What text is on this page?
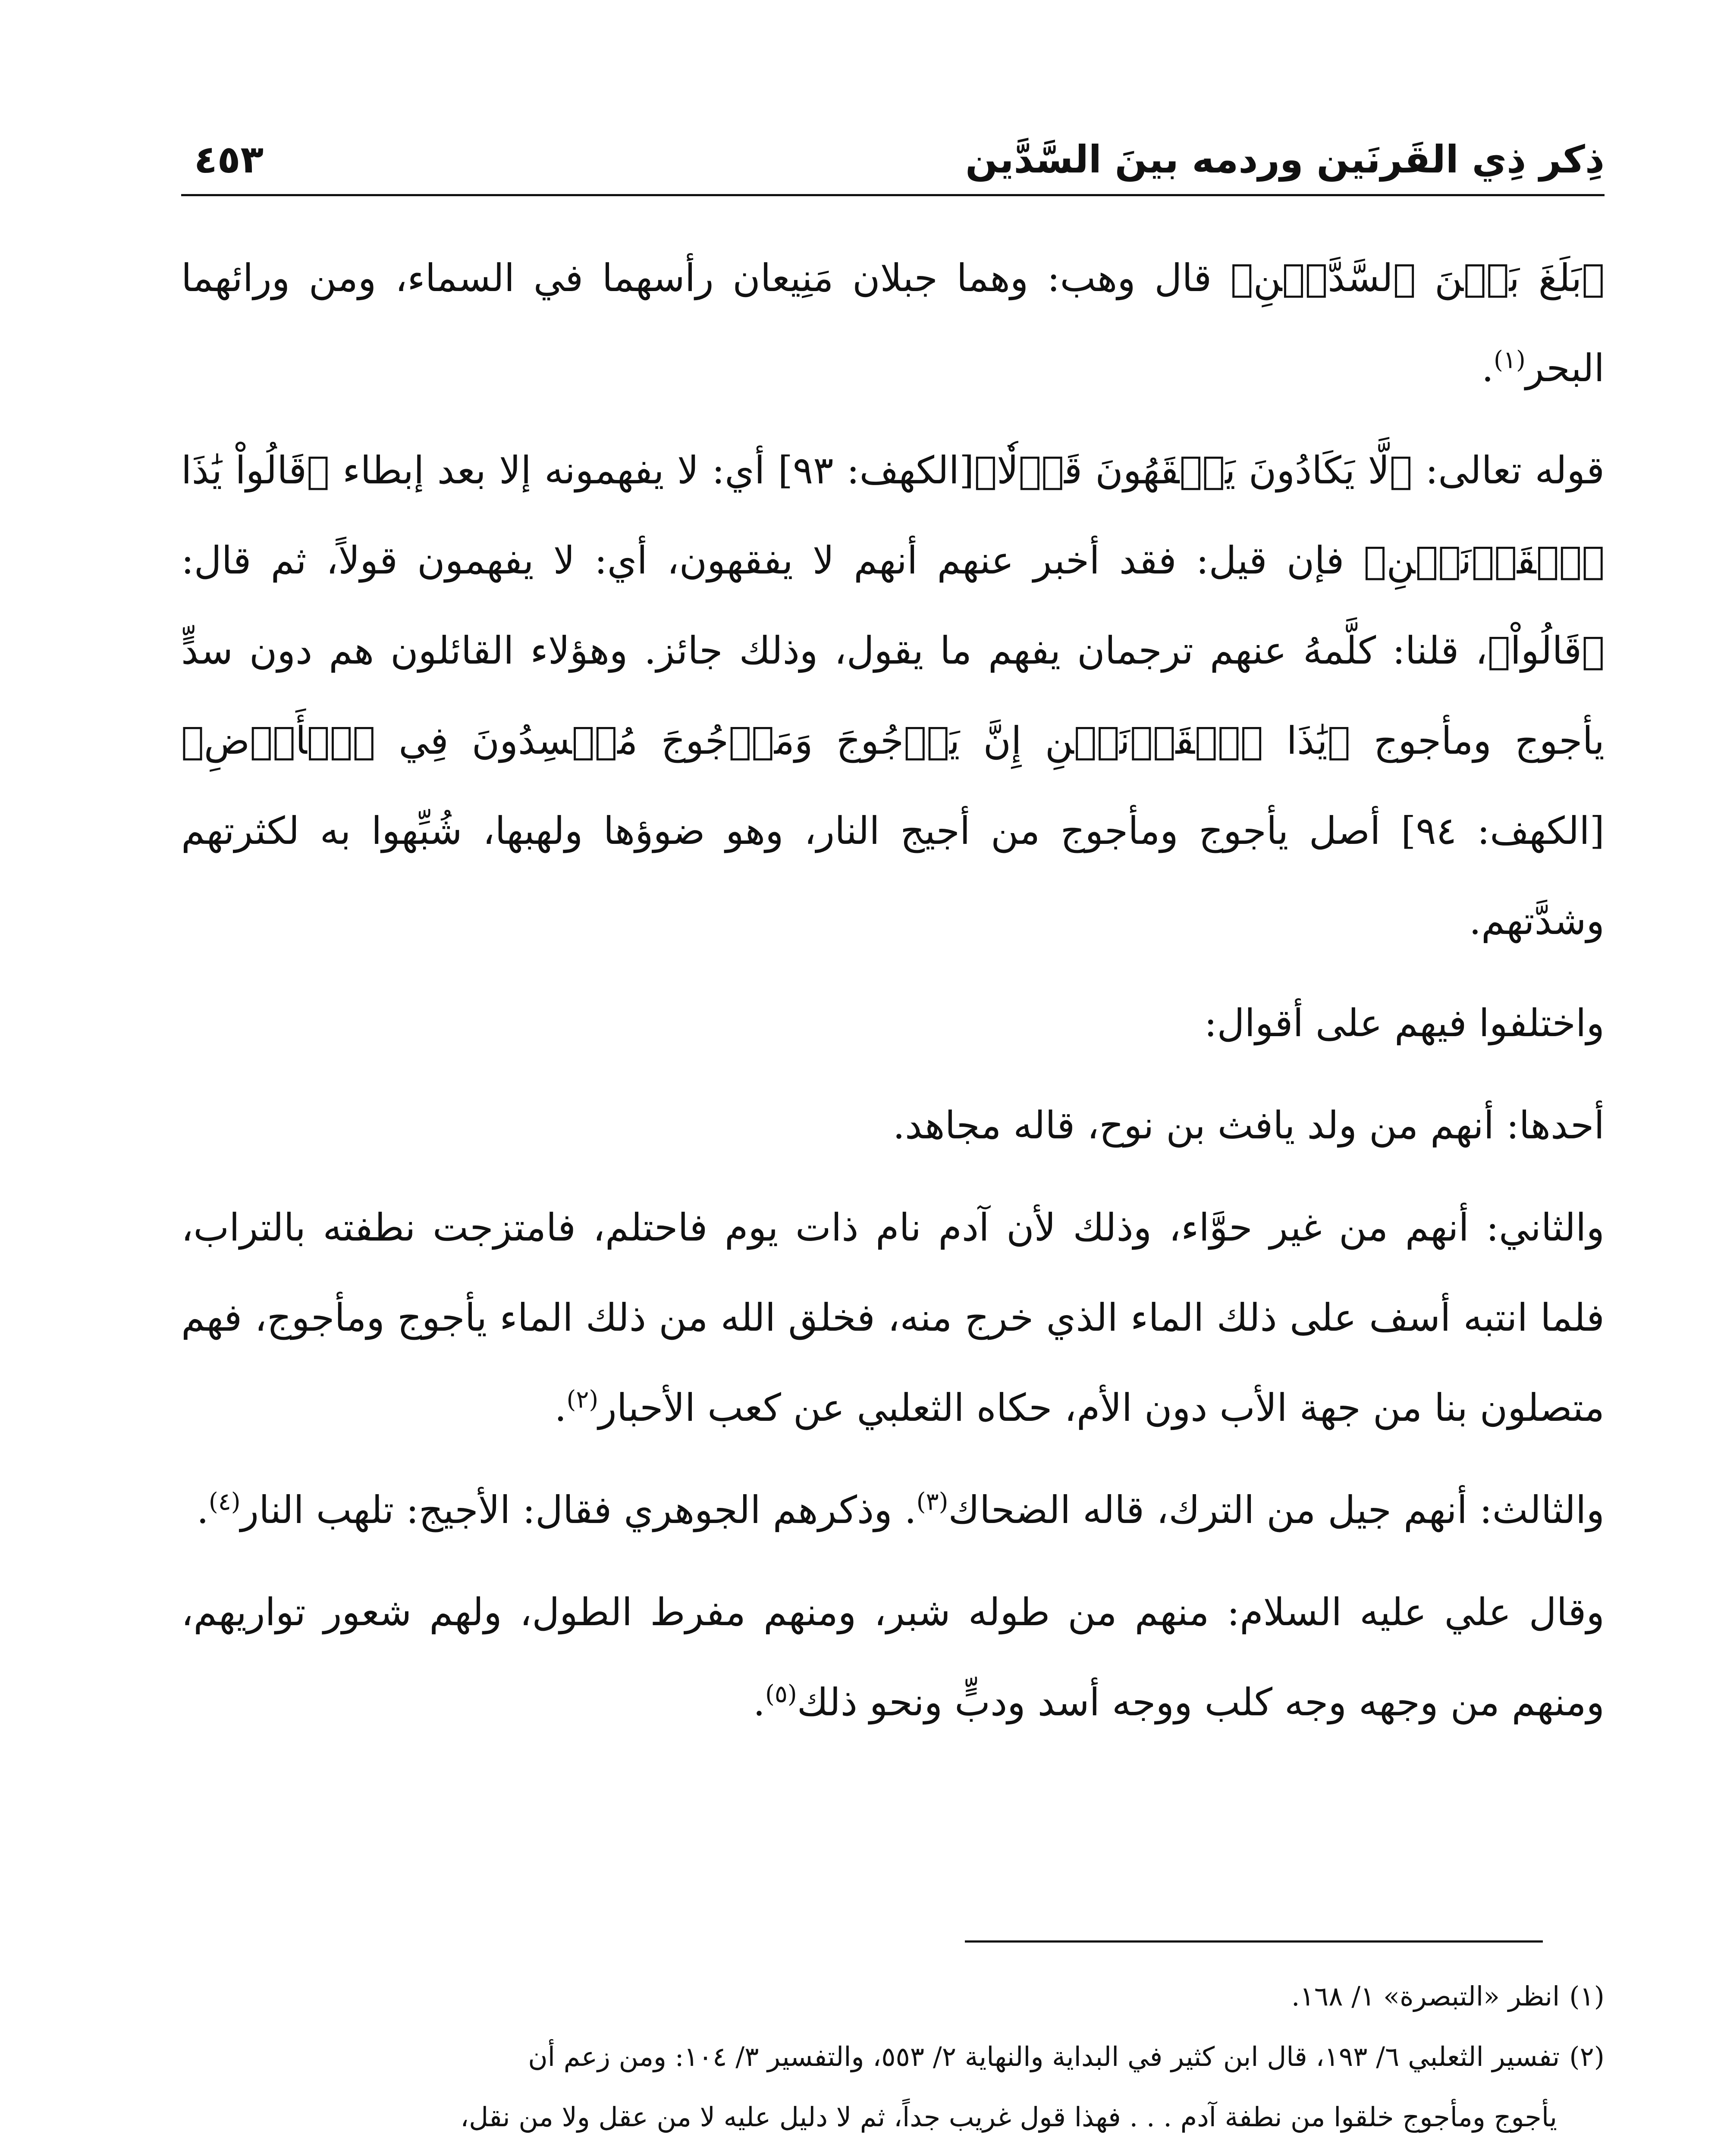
ذِكر ذِي القَرنَين وردمه بينَ السَّدَّين
٤٥٣

﴿بَلَغَ بَيۡنَ ٱلسَّدَّيۡنِ﴾ قال وهب: وهما جبلان مَنِيعان رأسهما في السماء، ومن ورائهما البحر$^{(١)}$.

قوله تعالى: ﴿لَّا يَكَادُونَ يَفۡقَهُونَ قَوۡلٗا﴾[الكهف: ٩٣] أي: لا يفهمونه إلا بعد إبطاء ﴿قَالُواْ يَٰذَا ٱلۡقَرۡنَيۡنِ﴾ فإن قيل: فقد أخبر عنهم أنهم لا يفقهون، أي: لا يفهمون قولاً، ثم قال: ﴿قَالُواْ﴾، قلنا: كلَّمهُ عنهم ترجمان يفهم ما يقول، وذلك جائز. وهؤلاء القائلون هم دون سدٍّ يأجوج ومأجوج ﴿يَٰذَا ٱلۡقَرۡنَيۡنِ إِنَّ يَأۡجُوجَ وَمَأۡجُوجَ مُفۡسِدُونَ فِي ٱلۡأَرۡضِ﴾[الكهف: ٩٤] أصل يأجوج ومأجوج من أجيج النار، وهو ضوؤها ولهبها، شُبِّهوا به لكثرتهم وشدَّتهم.

واختلفوا فيهم على أقوال:

أحدها: أنهم من ولد يافث بن نوح، قاله مجاهد.

والثاني: أنهم من غير حوَّاء، وذلك لأن آدم نام ذات يوم فاحتلم، فامتزجت نطفته بالتراب، فلما انتبه أسف على ذلك الماء الذي خرج منه، فخلق الله من ذلك الماء يأجوج ومأجوج، فهم متصلون بنا من جهة الأب دون الأم، حكاه الثعلبي عن كعب الأحبار$^{(٢)}$.

والثالث: أنهم جيل من الترك، قاله الضحاك$^{(٣)}$. وذكرهم الجوهري فقال: الأجيج: تلهب النار$^{(٤)}$.

وقال علي عليه السلام: منهم من طوله شبر، ومنهم مفرط الطول، ولهم شعور تواريهم، ومنهم من وجهه وجه كلب ووجه أسد ودبٍّ ونحو ذلك$^{(٥)}$.

(١)انظر «التبصرة» ١/ ١٦٨.

(٢)تفسير الثعلبي ٦/ ١٩٣، قال ابن كثير في البداية والنهاية ٢/ ٥٥٣، والتفسير ٣/ ١٠٤: ومن زعم أن

يأجوج ومأجوج خلقوا من نطفة آدم . . . فهذا قول غريب جداً، ثم لا دليل عليه لا من عقل ولا من نقل،
